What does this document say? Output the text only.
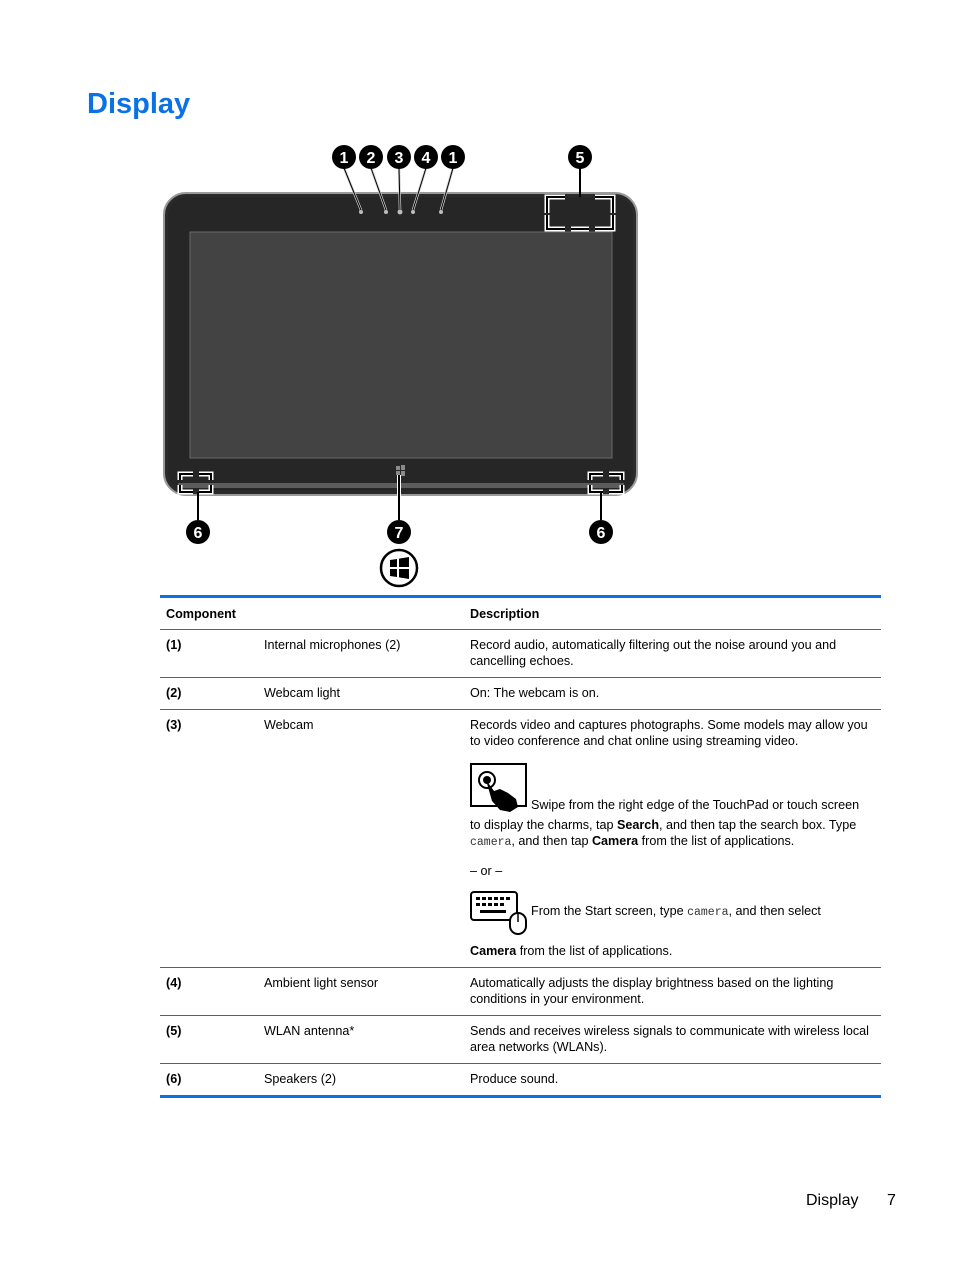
Display
1 2 3 4 1	5
6	7	6
Component	Description
(1)	Internal microphones (2)	Record audio, automatically filtering out the noise around you and cancelling echoes.
(2)	Webcam light	On: The webcam is on.
(3)	Webcam	Records video and captures photographs. Some models may allow you to video conference and chat online using streaming video.
Swipe from the right edge of the TouchPad or touch screen
to display the charms, tap Search, and then tap the search box. Type camera, and then tap Camera from the list of applications.
– or –
From the Start screen, type camera, and then select
Camera from the list of applications.
(4)	Ambient light sensor	Automatically adjusts the display brightness based on the lighting conditions in your environment.
(5)	WLAN antenna*	Sends and receives wireless signals to communicate with wireless local area networks (WLANs).
(6)	Speakers (2)	Produce sound.
Display 7
